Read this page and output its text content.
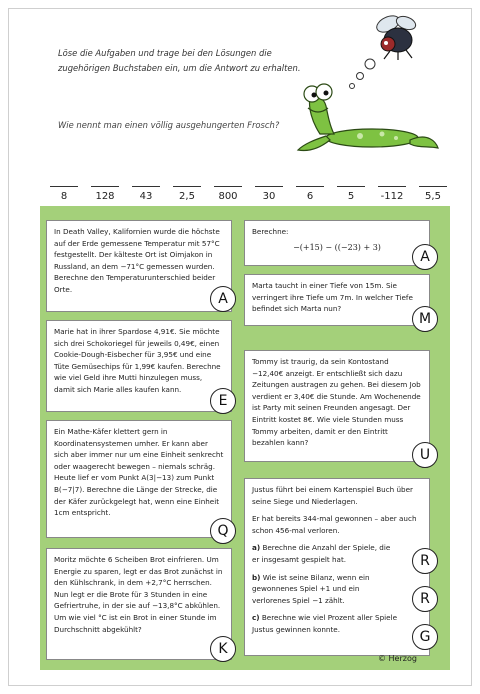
Löse die Aufgaben und trage bei den Lösungen die zugehörigen Buchstaben ein, um die Antwort zu erhalten.
Wie nennt man einen völlig ausgehungerten Frosch?
8	128	43	2,5	800	30	6	5	-112	5,5
In Death Valley, Kalifornien wurde die höchste auf der Erde gemessene Temperatur mit 57°C festgestellt. Der kälteste Ort ist Oimjakon in Russland, an dem −71°C gemessen wurden. Berechne den Temperaturunterschied beider Orte.
A
Marie hat in ihrer Spardose 4,91€. Sie möchte sich drei Schokoriegel für jeweils 0,49€, einen Cookie-Dough-Eisbecher für 3,95€ und eine Tüte Gemüsechips für 1,99€ kaufen. Berechne wie viel Geld ihre Mutti hinzulegen muss, damit sich Marie alles kaufen kann.
E
Ein Mathe-Käfer klettert gern in Koordinatensystemen umher. Er kann aber sich aber immer nur um eine Einheit senkrecht oder waagerecht bewegen – niemals schräg. Heute lief er vom Punkt A(3|−13) zum Punkt B(−7|7). Berechne die Länge der Strecke, die der Käfer zurückgelegt hat, wenn eine Einheit 1cm entspricht.
Q
Moritz möchte 6 Scheiben Brot einfrieren. Um Energie zu sparen, legt er das Brot zunächst in den Kühlschrank, in dem +2,7°C herrschen. Nun legt er die Brote für 3 Stunden in eine Gefriertruhe, in der sie auf −13,8°C abkühlen. Um wie viel °C ist ein Brot in einer Stunde im Durchschnitt abgekühlt?
K
Berechne:
−(+15) − ((−23) + 3)
A
Marta taucht in einer Tiefe von 15m. Sie verringert ihre Tiefe um 7m. In welcher Tiefe befindet sich Marta nun?
M
Tommy ist traurig, da sein Kontostand −12,40€ anzeigt. Er entschließt sich dazu Zeitungen austragen zu gehen. Bei diesem Job verdient er 3,40€ die Stunde. Am Wochenende ist Party mit seinen Freunden angesagt. Der Eintritt kostet 8€. Wie viele Stunden muss Tommy arbeiten, damit er den Eintritt bezahlen kann?
U
Justus führt bei einem Kartenspiel Buch über seine Siege und Niederlagen.
Er hat bereits 344-mal gewonnen – aber auch schon 456-mal verloren.
a) Berechne die Anzahl der Spiele, die er insgesamt gespielt hat.
b) Wie ist seine Bilanz, wenn ein gewonnenes Spiel +1 und ein verlorenes Spiel −1 zählt.
c) Berechne wie viel Prozent aller Spiele Justus gewinnen konnte.
R
R
G
© Herzog
